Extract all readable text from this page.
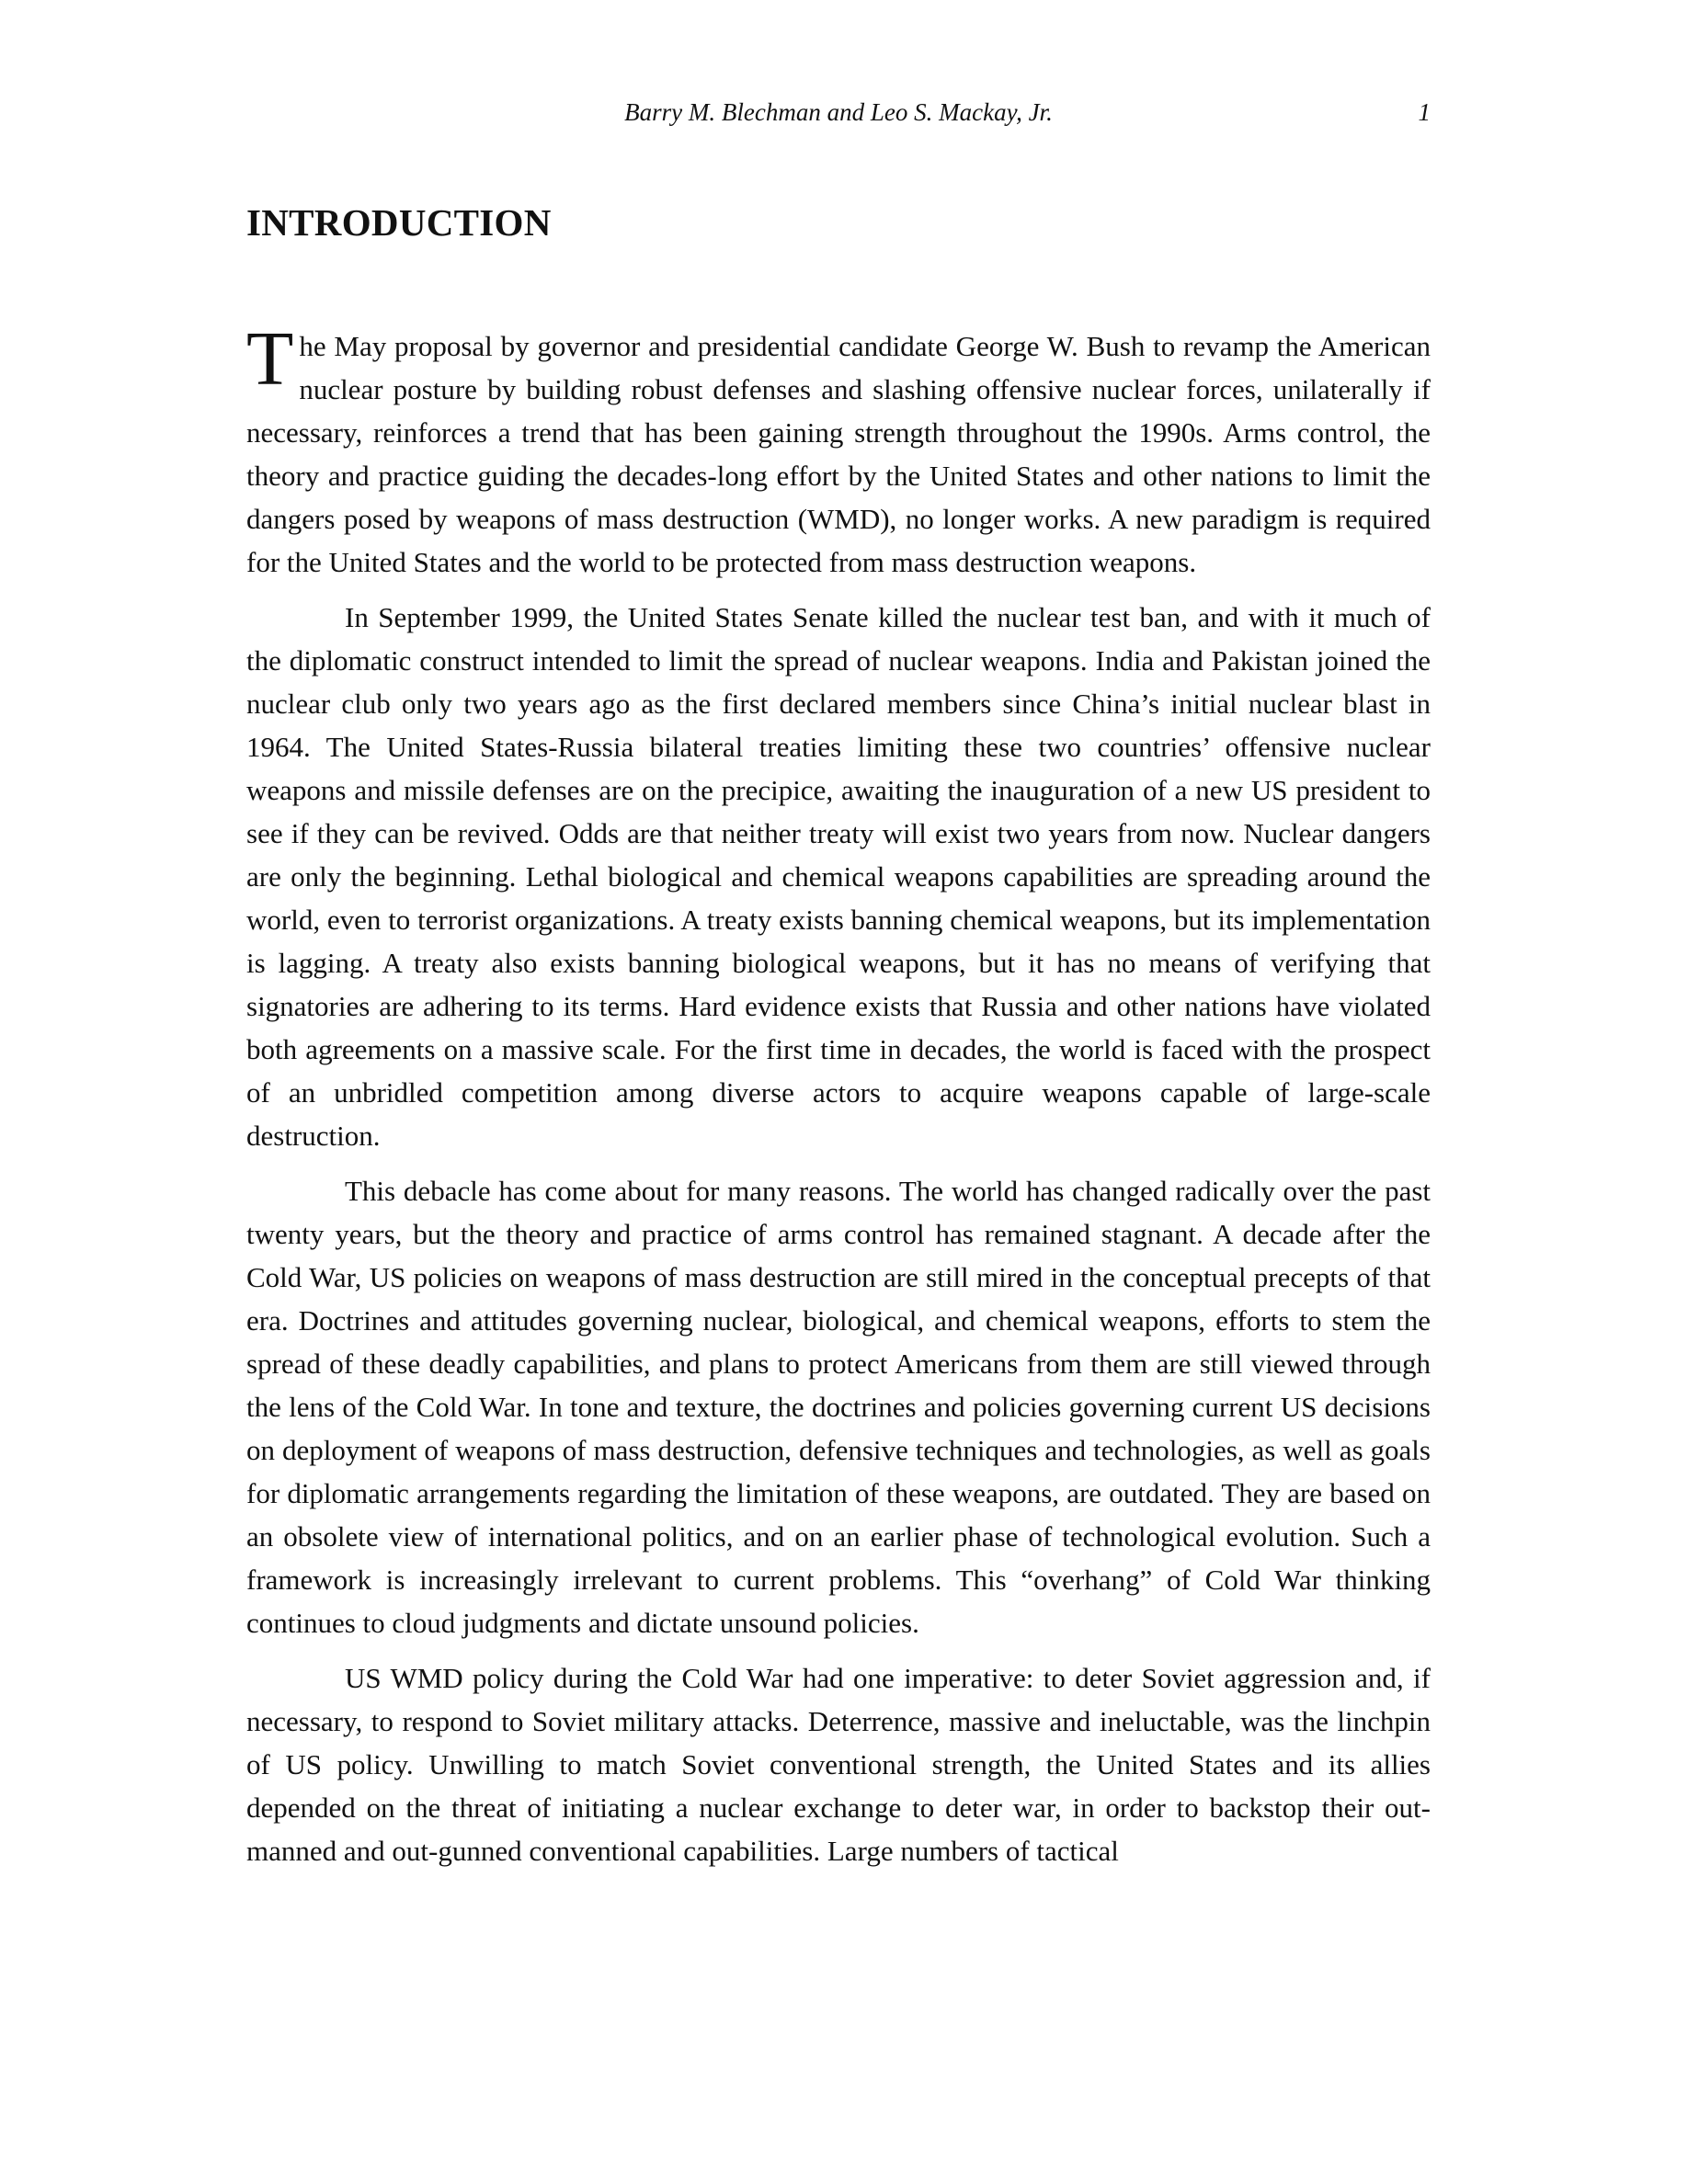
Barry M. Blechman and Leo S. Mackay, Jr.	1
INTRODUCTION

The May proposal by governor and presidential candidate George W. Bush to revamp the American nuclear posture by building robust defenses and slashing offensive nuclear forces, unilaterally if necessary, reinforces a trend that has been gaining strength throughout the 1990s. Arms control, the theory and practice guiding the decades-long effort by the United States and other nations to limit the dangers posed by weapons of mass destruction (WMD), no longer works. A new paradigm is required for the United States and the world to be protected from mass destruction weapons.

In September 1999, the United States Senate killed the nuclear test ban, and with it much of the diplomatic construct intended to limit the spread of nuclear weapons. India and Pakistan joined the nuclear club only two years ago as the first declared members since China’s initial nuclear blast in 1964. The United States-Russia bilateral treaties limiting these two countries’ offensive nuclear weapons and missile defenses are on the precipice, awaiting the inauguration of a new US president to see if they can be revived. Odds are that neither treaty will exist two years from now. Nuclear dangers are only the beginning. Lethal biological and chemical weapons capabilities are spreading around the world, even to terrorist organizations. A treaty exists banning chemical weapons, but its implementation is lagging. A treaty also exists banning biological weapons, but it has no means of verifying that signatories are adhering to its terms. Hard evidence exists that Russia and other nations have violated both agreements on a massive scale. For the first time in decades, the world is faced with the prospect of an unbridled competition among diverse actors to acquire weapons capable of large-scale destruction.

This debacle has come about for many reasons. The world has changed radically over the past twenty years, but the theory and practice of arms control has remained stagnant. A decade after the Cold War, US policies on weapons of mass destruction are still mired in the conceptual precepts of that era. Doctrines and attitudes governing nuclear, biological, and chemical weapons, efforts to stem the spread of these deadly capabilities, and plans to protect Americans from them are still viewed through the lens of the Cold War. In tone and texture, the doctrines and policies governing current US decisions on deployment of weapons of mass destruction, defensive techniques and technologies, as well as goals for diplomatic arrangements regarding the limitation of these weapons, are outdated. They are based on an obsolete view of international politics, and on an earlier phase of technological evolution. Such a framework is increasingly irrelevant to current problems. This “overhang” of Cold War thinking continues to cloud judgments and dictate unsound policies.

US WMD policy during the Cold War had one imperative: to deter Soviet aggression and, if necessary, to respond to Soviet military attacks. Deterrence, massive and ineluctable, was the linchpin of US policy. Unwilling to match Soviet conventional strength, the United States and its allies depended on the threat of initiating a nuclear exchange to deter war, in order to backstop their out-manned and out-gunned conventional capabilities. Large numbers of tactical
